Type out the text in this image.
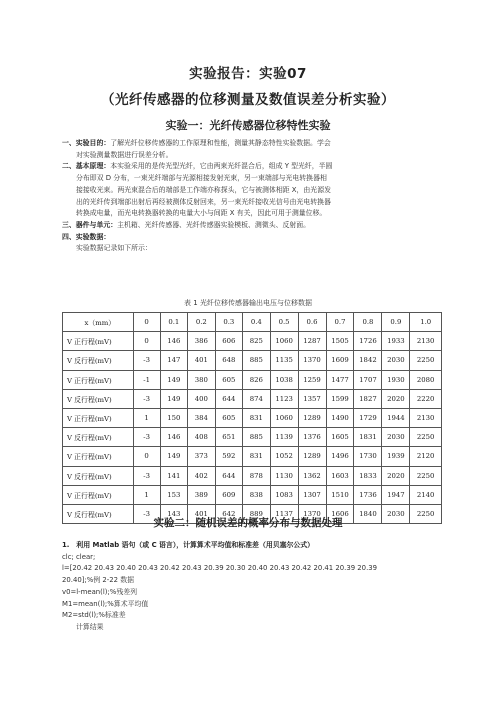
实验报告：实验07
（光纤传感器的位移测量及数值误差分析实验）
实验一：光纤传感器位移特性实验

一、实验目的：了解光纤位移传感器的工作原理和性能，测量其静态特性实验数据。学会

对实验测量数据进行误差分析。

二、基本原理：本实验采用的是传光型光纤，它由两束光纤混合后，组成 Y 型光纤，半圆

分布即双 D 分布，一束光纤端部与光源相接发射光束，另一束端部与光电转换器相

接接收光束。两光束混合后的端部是工作端亦称探头，它与被测体相距 X，由光源发

出的光纤传到端部出射后再经被测体反射回来，另一束光纤接收光信号由光电转换器

转换成电量，而光电转换器转换的电量大小与间距 X 有关，因此可用于测量位移。

三、器件与单元：主机箱、光纤传感器、光纤传感器实验模板、测微头、反射面。

四、实验数据：

实验数据记录如下所示：

表 1 光纤位移传感器输出电压与位移数据
x（mm）	0	0.1	0.2	0.3	0.4	0.5	0.6	0.7	0.8	0.9	1.0
V 正行程(mV)	0	146	386	606	825	1060	1287	1505	1726	1933	2130
V 反行程(mV)	-3	147	401	648	885	1135	1370	1609	1842	2030	2250
V 正行程(mV)	-1	149	380	605	826	1038	1259	1477	1707	1930	2080
V 反行程(mV)	-3	149	400	644	874	1123	1357	1599	1827	2020	2220
V 正行程(mV)	1	150	384	605	831	1060	1289	1490	1729	1944	2130
V 反行程(mV)	-3	146	408	651	885	1139	1376	1605	1831	2030	2250
V 正行程(mV)	0	149	373	592	831	1052	1289	1496	1730	1939	2120
V 反行程(mV)	-3	141	402	644	878	1130	1362	1603	1833	2020	2250
V 正行程(mV)	1	153	389	609	838	1083	1307	1510	1736	1947	2140
V 反行程(mV)	-3	143	401	642	889	1137	1370	1606	1840	2030	2250
实验二：随机误差的概率分布与数据处理

1.　利用 Matlab 语句（或 C 语言），计算算术平均值和标准差（用贝塞尔公式）

clc; clear;

l=[20.42 20.43 20.40 20.43 20.42 20.43 20.39 20.30 20.40 20.43 20.42 20.41 20.39 20.39

20.40];%例 2-22 数据

v0=l-mean(l);%残差列

M1=mean(l);%算术平均值

M2=std(l);%标准差

计算结果
